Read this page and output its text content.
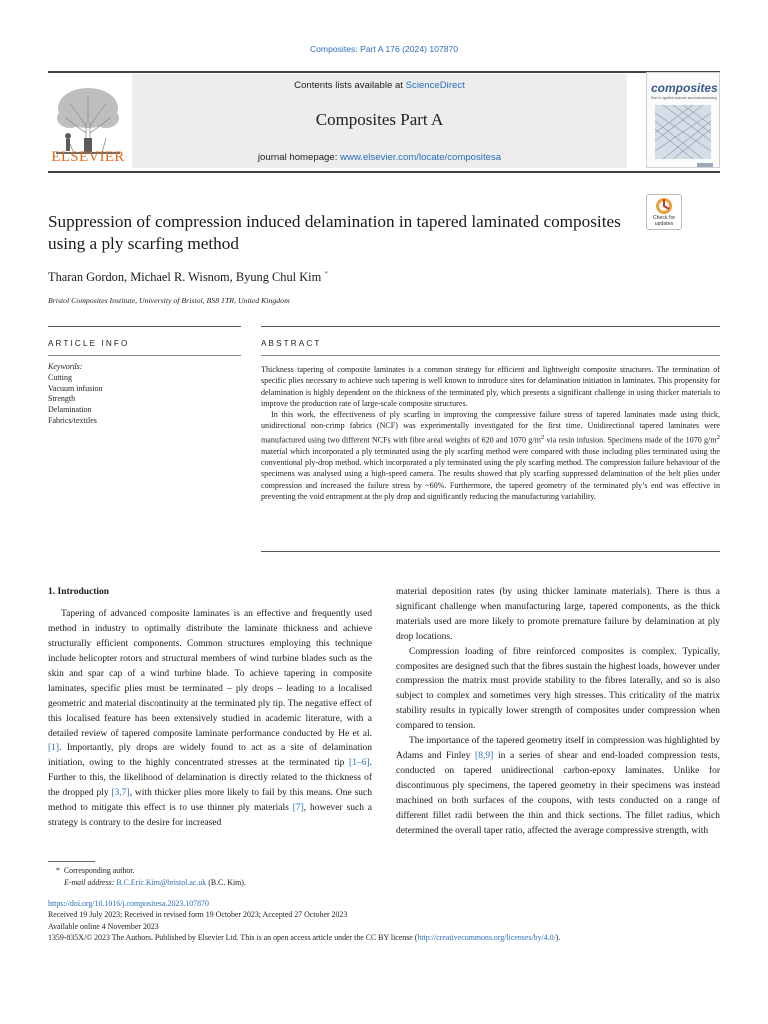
Composites: Part A 176 (2024) 107870
ELSEVIER
Contents lists available at ScienceDirect
Composites Part A
journal homepage: www.elsevier.com/locate/compositesa
composites
Part A: applied science and manufacturing
Suppression of compression induced delamination in tapered laminated composites using a ply scarfing method
Check for updates
Tharan Gordon, Michael R. Wisnom, Byung Chul Kim *
Bristol Composites Institute, University of Bristol, BS8 1TR, United Kingdom
ARTICLE INFO	ABSTRACT
Keywords:
Cutting
Vacuum infusion
Strength
Delamination
Fabrics/textiles

Thickness tapering of composite laminates is a common strategy for efficient and lightweight composite structures. The termination of specific plies necessary to achieve such tapering is well known to introduce sites for delamination initiation in laminates. This propensity for delamination is highly dependent on the thickness of the terminated ply, which presents a significant challenge in using thicker materials to improve the production rate of large-scale composite structures.

In this work, the effectiveness of ply scarfing in improving the compressive failure stress of tapered laminates made using thick, unidirectional non-crimp fabrics (NCF) was experimentally investigated for the first time. Unidirectional tapered laminates were manufactured using two different NCFs with fibre areal weights of 620 and 1070 $g/m^2$ via resin infusion. Specimens made of the 1070 $g/m^2$ material which incorporated a ply terminated using the ply scarfing method were compared with those including plies terminated using the conventional ply-drop method. which incorporated a ply terminated using the ply scarfing method. The compression failure behaviour of the specimens was analysed using a high-speed camera. The results showed that ply scarfing suppressed delamination of the belt plies under compression and increased the failure stress by ~60%. Furthermore, the tapered geometry of the terminated ply’s end was effective in preventing the void entrapment at the ply drop and significantly reducing the manufacturing variability.

1. Introduction

Tapering of advanced composite laminates is an effective and frequently used method in industry to optimally distribute the laminate thickness and achieve structurally efficient components. Common structures employing this technique include helicopter rotors and structural members of wind turbine blades such as the skin and spar cap of a wind turbine blade. To achieve tapering in composite laminates, specific plies must be terminated – ply drops – leading to a localised geometric and material discontinuity at the terminated ply tip. The negative effect of this localised feature has been extensively studied in academic literature, with a detailed review of tapered composite laminate performance conducted by He et al. [1]. Importantly, ply drops are widely found to act as a site of delamination initiation, owing to the highly concentrated stresses at the terminated tip [1–6]. Further to this, the likelihood of delamination is directly related to the thickness of the dropped ply [3,7], with thicker plies more likely to fail by this means. One such method to mitigate this effect is to use thinner ply materials [7], however such a strategy is contrary to the desire for increased

material deposition rates (by using thicker laminate materials). There is thus a significant challenge when manufacturing large, tapered components, as the thick materials used are more likely to promote premature failure by delamination at ply drop locations.

Compression loading of fibre reinforced composites is complex. Typically, composites are designed such that the fibres sustain the highest loads, however under compression the matrix must provide stability to the fibres laterally, and so is also subject to complex and sometimes very high stresses. This criticality of the matrix stability results in typically lower strength of composites under compression when compared to tension.

The importance of the tapered geometry itself in compression was highlighted by Adams and Finley [8,9] in a series of shear and end-loaded compression tests, conducted on tapered unidirectional carbon-epoxy laminates. Unlike for discontinuous ply specimens, the tapered geometry in their specimens was instead machined on both surfaces of the coupons, with tests conducted on a range of different fillet radii between the thin and thick sections. The fillet radius, which determined the overall taper ratio, affected the average compressive strength, with

* Corresponding author.
E-mail address: B.C.Eric.Kim@bristol.ac.uk (B.C. Kim).
https://doi.org/10.1016/j.compositesa.2023.107870
Received 19 July 2023; Received in revised form 19 October 2023; Accepted 27 October 2023
Available online 4 November 2023
1359-835X/© 2023 The Authors. Published by Elsevier Ltd. This is an open access article under the CC BY license (http://creativecommons.org/licenses/by/4.0/).
